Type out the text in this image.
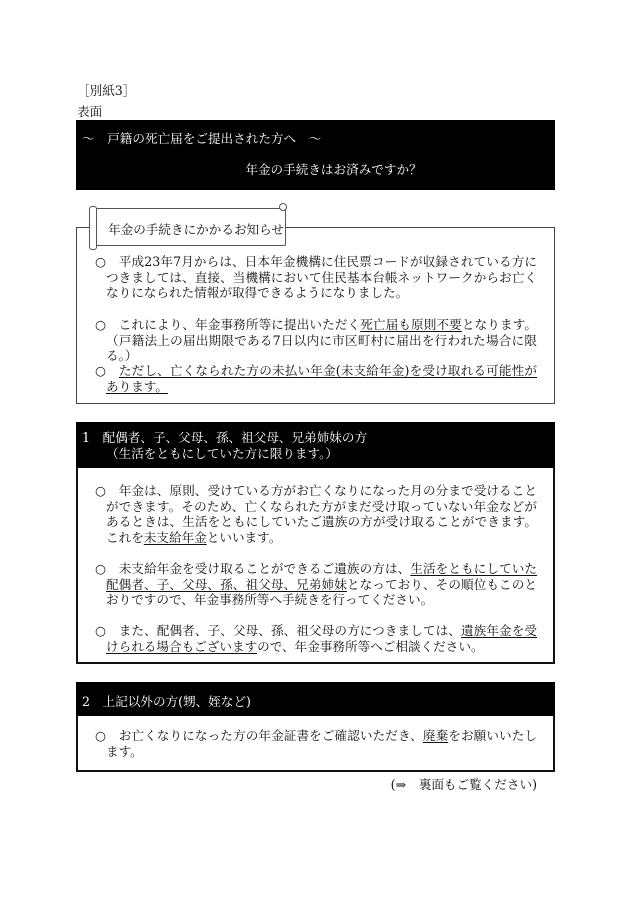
［別紙3］
表面
～　戸籍の死亡届をご提出された方へ　～
年金の手続きはお済みですか？
年金の手続きにかかるお知らせ
○　平成23年7月からは、日本年金機構に住民票コードが収録されている方につきましては、直接、当機構において住民基本台帳ネットワークからお亡くなりになられた情報が取得できるようになりました。
○　これにより、年金事務所等に提出いただく死亡届も原則不要となります。（戸籍法上の届出期限である7日以内に市区町村に届出を行われた場合に限る。）
○　ただし、亡くなられた方の未払い年金(未支給年金)を受け取れる可能性があります。
1　配偶者、子、父母、孫、祖父母、兄弟姉妹の方
（生活をともにしていた方に限ります。）
○　年金は、原則、受けている方がお亡くなりになった月の分まで受けることができます。そのため、亡くなられた方がまだ受け取っていない年金などがあるときは、生活をともにしていたご遺族の方が受け取ることができます。これを未支給年金といいます。
○　未支給年金を受け取ることができるご遺族の方は、生活をともにしていた配偶者、子、父母、孫、祖父母、兄弟姉妹となっており、その順位もこのとおりですので、年金事務所等へ手続きを行ってください。
○　また、配偶者、子、父母、孫、祖父母の方につきましては、遺族年金を受けられる場合もございますので、年金事務所等へご相談ください。
2　上記以外の方(甥、姪など)
○　お亡くなりになった方の年金証書をご確認いただき、廃棄をお願いいたします。
(⇒　裏面もご覧ください)
